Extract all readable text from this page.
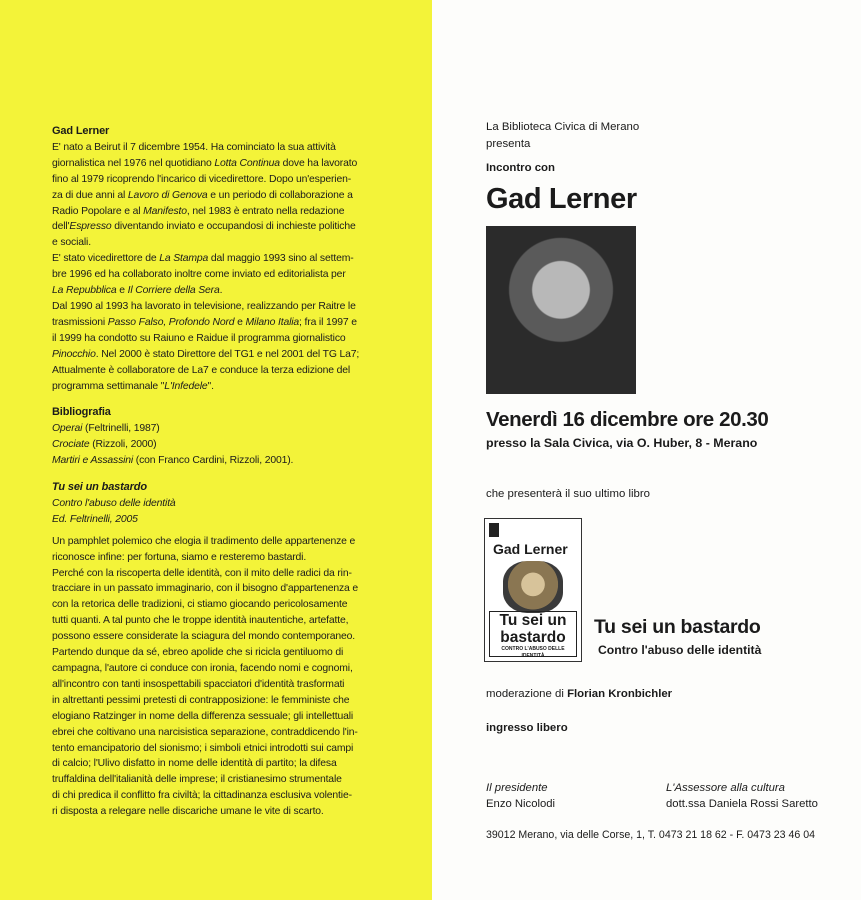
Gad Lerner

E' nato a Beirut il 7 dicembre 1954. Ha cominciato la sua attività

giornalistica nel 1976 nel quotidiano Lotta Continua dove ha lavorato

fino al 1979 ricoprendo l'incarico di vicedirettore. Dopo un'esperien-

za di due anni al Lavoro di Genova e un periodo di collaborazione a

Radio Popolare e al Manifesto, nel 1983 è entrato nella redazione

dell'Espresso diventando inviato e occupandosi di inchieste politiche

e sociali.

E' stato vicedirettore de La Stampa dal maggio 1993 sino al settem-

bre 1996 ed ha collaborato inoltre come inviato ed editorialista per

La Repubblica e Il Corriere della Sera.

Dal 1990 al 1993 ha lavorato in televisione, realizzando per Raitre le

trasmissioni Passo Falso, Profondo Nord e Milano Italia; fra il 1997 e

il 1999 ha condotto su Raiuno e Raidue il programma giornalistico

Pinocchio. Nel 2000 è stato Direttore del TG1 e nel 2001 del TG La7;

Attualmente è collaboratore de La7 e conduce la terza edizione del

programma settimanale "L'Infedele".

Bibliografia

Operai (Feltrinelli, 1987)

Crociate (Rizzoli, 2000)

Martiri e Assassini (con Franco Cardini, Rizzoli, 2001).

Tu sei un bastardo

Contro l'abuso delle identità

Ed. Feltrinelli, 2005

Un pamphlet polemico che elogia il tradimento delle appartenenze e

riconosce infine: per fortuna, siamo e resteremo bastardi.

Perché con la riscoperta delle identità, con il mito delle radici da rin-

tracciare in un passato immaginario, con il bisogno d'appartenenza e

con la retorica delle tradizioni, ci stiamo giocando pericolosamente

tutti quanti. A tal punto che le troppe identità inautentiche, artefatte,

possono essere considerate la sciagura del mondo contemporaneo.

Partendo dunque da sé, ebreo apolide che si ricicla gentiluomo di

campagna, l'autore ci conduce con ironia, facendo nomi e cognomi,

all'incontro con tanti insospettabili spacciatori d'identità trasformati

in altrettanti pessimi pretesti di contrapposizione: le femministe che

elogiano Ratzinger in nome della differenza sessuale; gli intellettuali

ebrei che coltivano una narcisistica separazione, contraddicendo l'in-

tento emancipatorio del sionismo; i simboli etnici introdotti sui campi

di calcio; l'Ulivo disfatto in nome delle identità di partito; la difesa

truffaldina dell'italianità delle imprese; il cristianesimo strumentale

di chi predica il conflitto fra civiltà; la cittadinanza esclusiva volentie-

ri disposta a relegare nelle discariche umane le vite di scarto.

La Biblioteca Civica di Merano
presenta
Incontro con
Gad Lerner
Venerdì 16 dicembre ore 20.30
presso la Sala Civica, via O. Huber, 8 - Merano
che presenterà il suo ultimo libro
Gad Lerner
Tu sei un
bastardo
CONTRO L'ABUSO DELLE IDENTITÀ
Tu sei un bastardo
Contro l'abuso delle identità
moderazione di Florian Kronbichler
ingresso libero
Il presidente
Enzo Nicolodi
L'Assessore alla cultura
dott.ssa Daniela Rossi Saretto
39012 Merano, via delle Corse, 1, T. 0473 21 18 62 - F. 0473 23 46 04
